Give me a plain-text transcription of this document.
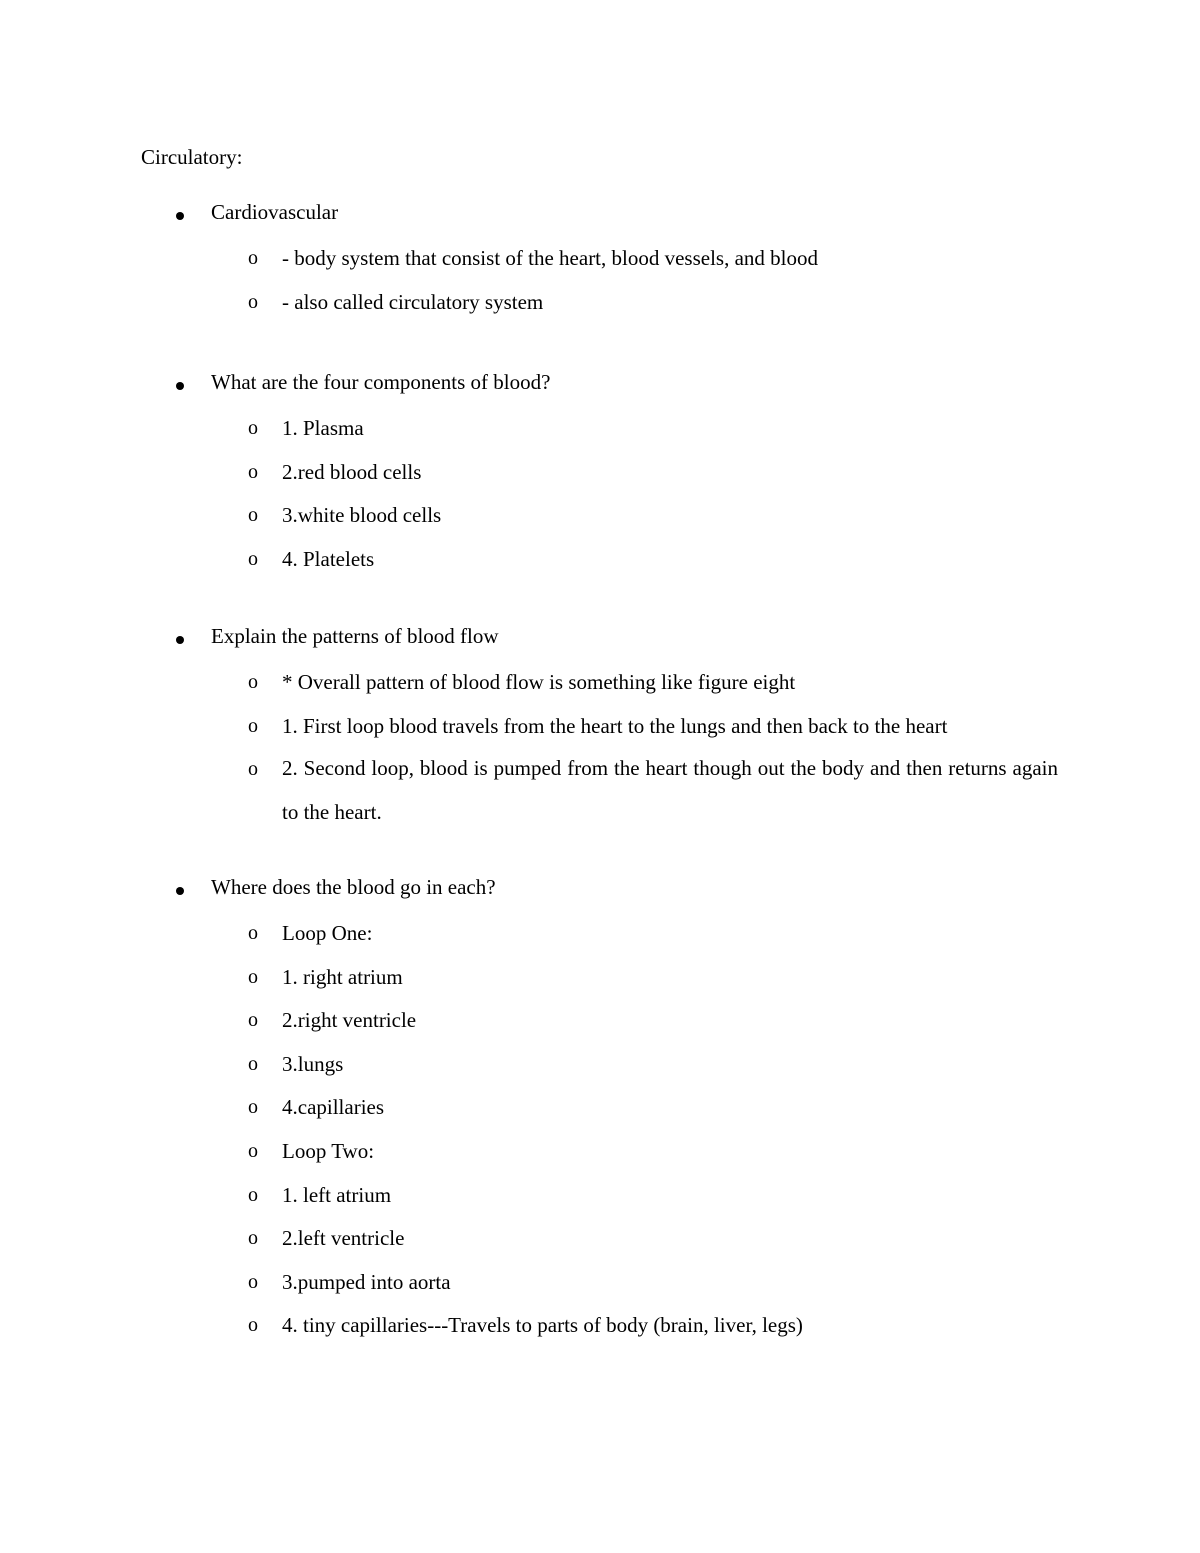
Circulatory:
Cardiovascular
o - body system that consist of the heart, blood vessels, and blood
o - also called circulatory system
What are the four components of blood?
o 1. Plasma
o 2.red blood cells
o 3.white blood cells
o 4. Platelets
Explain the patterns of blood flow
o * Overall pattern of blood flow is something like figure eight
o 1. First loop blood travels from the heart to the lungs and then back to the heart
o 2. Second loop, blood is pumped from the heart though out the body and then returns again to the heart.
Where does the blood go in each?
o Loop One:
o 1. right atrium
o 2.right ventricle
o 3.lungs
o 4.capillaries
o Loop Two:
o 1. left atrium
o 2.left ventricle
o 3.pumped into aorta
o 4. tiny capillaries---Travels to parts of body (brain, liver, legs)
